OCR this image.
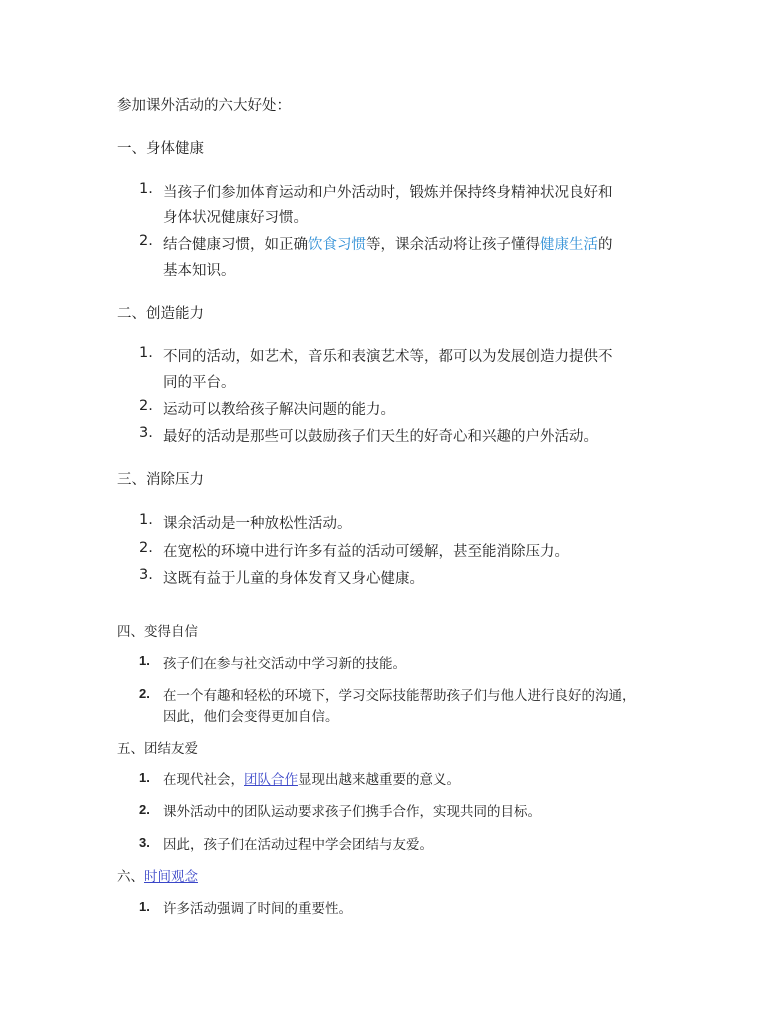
参加课外活动的六大好处：
一、身体健康
1. 当孩子们参加体育运动和户外活动时，锻炼并保持终身精神状况良好和
身体状况健康好习惯。
2. 结合健康习惯，如正确饮食习惯等，课余活动将让孩子懂得健康生活的
基本知识。
二、创造能力
1. 不同的活动，如艺术，音乐和表演艺术等，都可以为发展创造力提供不
同的平台。
2. 运动可以教给孩子解决问题的能力。
3. 最好的活动是那些可以鼓励孩子们天生的好奇心和兴趣的户外活动。
三、消除压力
1. 课余活动是一种放松性活动。
2. 在宽松的环境中进行许多有益的活动可缓解，甚至能消除压力。
3. 这既有益于儿童的身体发育又身心健康。
四、变得自信
1. 孩子们在参与社交活动中学习新的技能。
2. 在一个有趣和轻松的环境下，学习交际技能帮助孩子们与他人进行良好的沟通，
因此，他们会变得更加自信。
五、团结友爱
1. 在现代社会，团队合作显现出越来越重要的意义。
2. 课外活动中的团队运动要求孩子们携手合作，实现共同的目标。
3. 因此，孩子们在活动过程中学会团结与友爱。
六、时间观念
1. 许多活动强调了时间的重要性。
